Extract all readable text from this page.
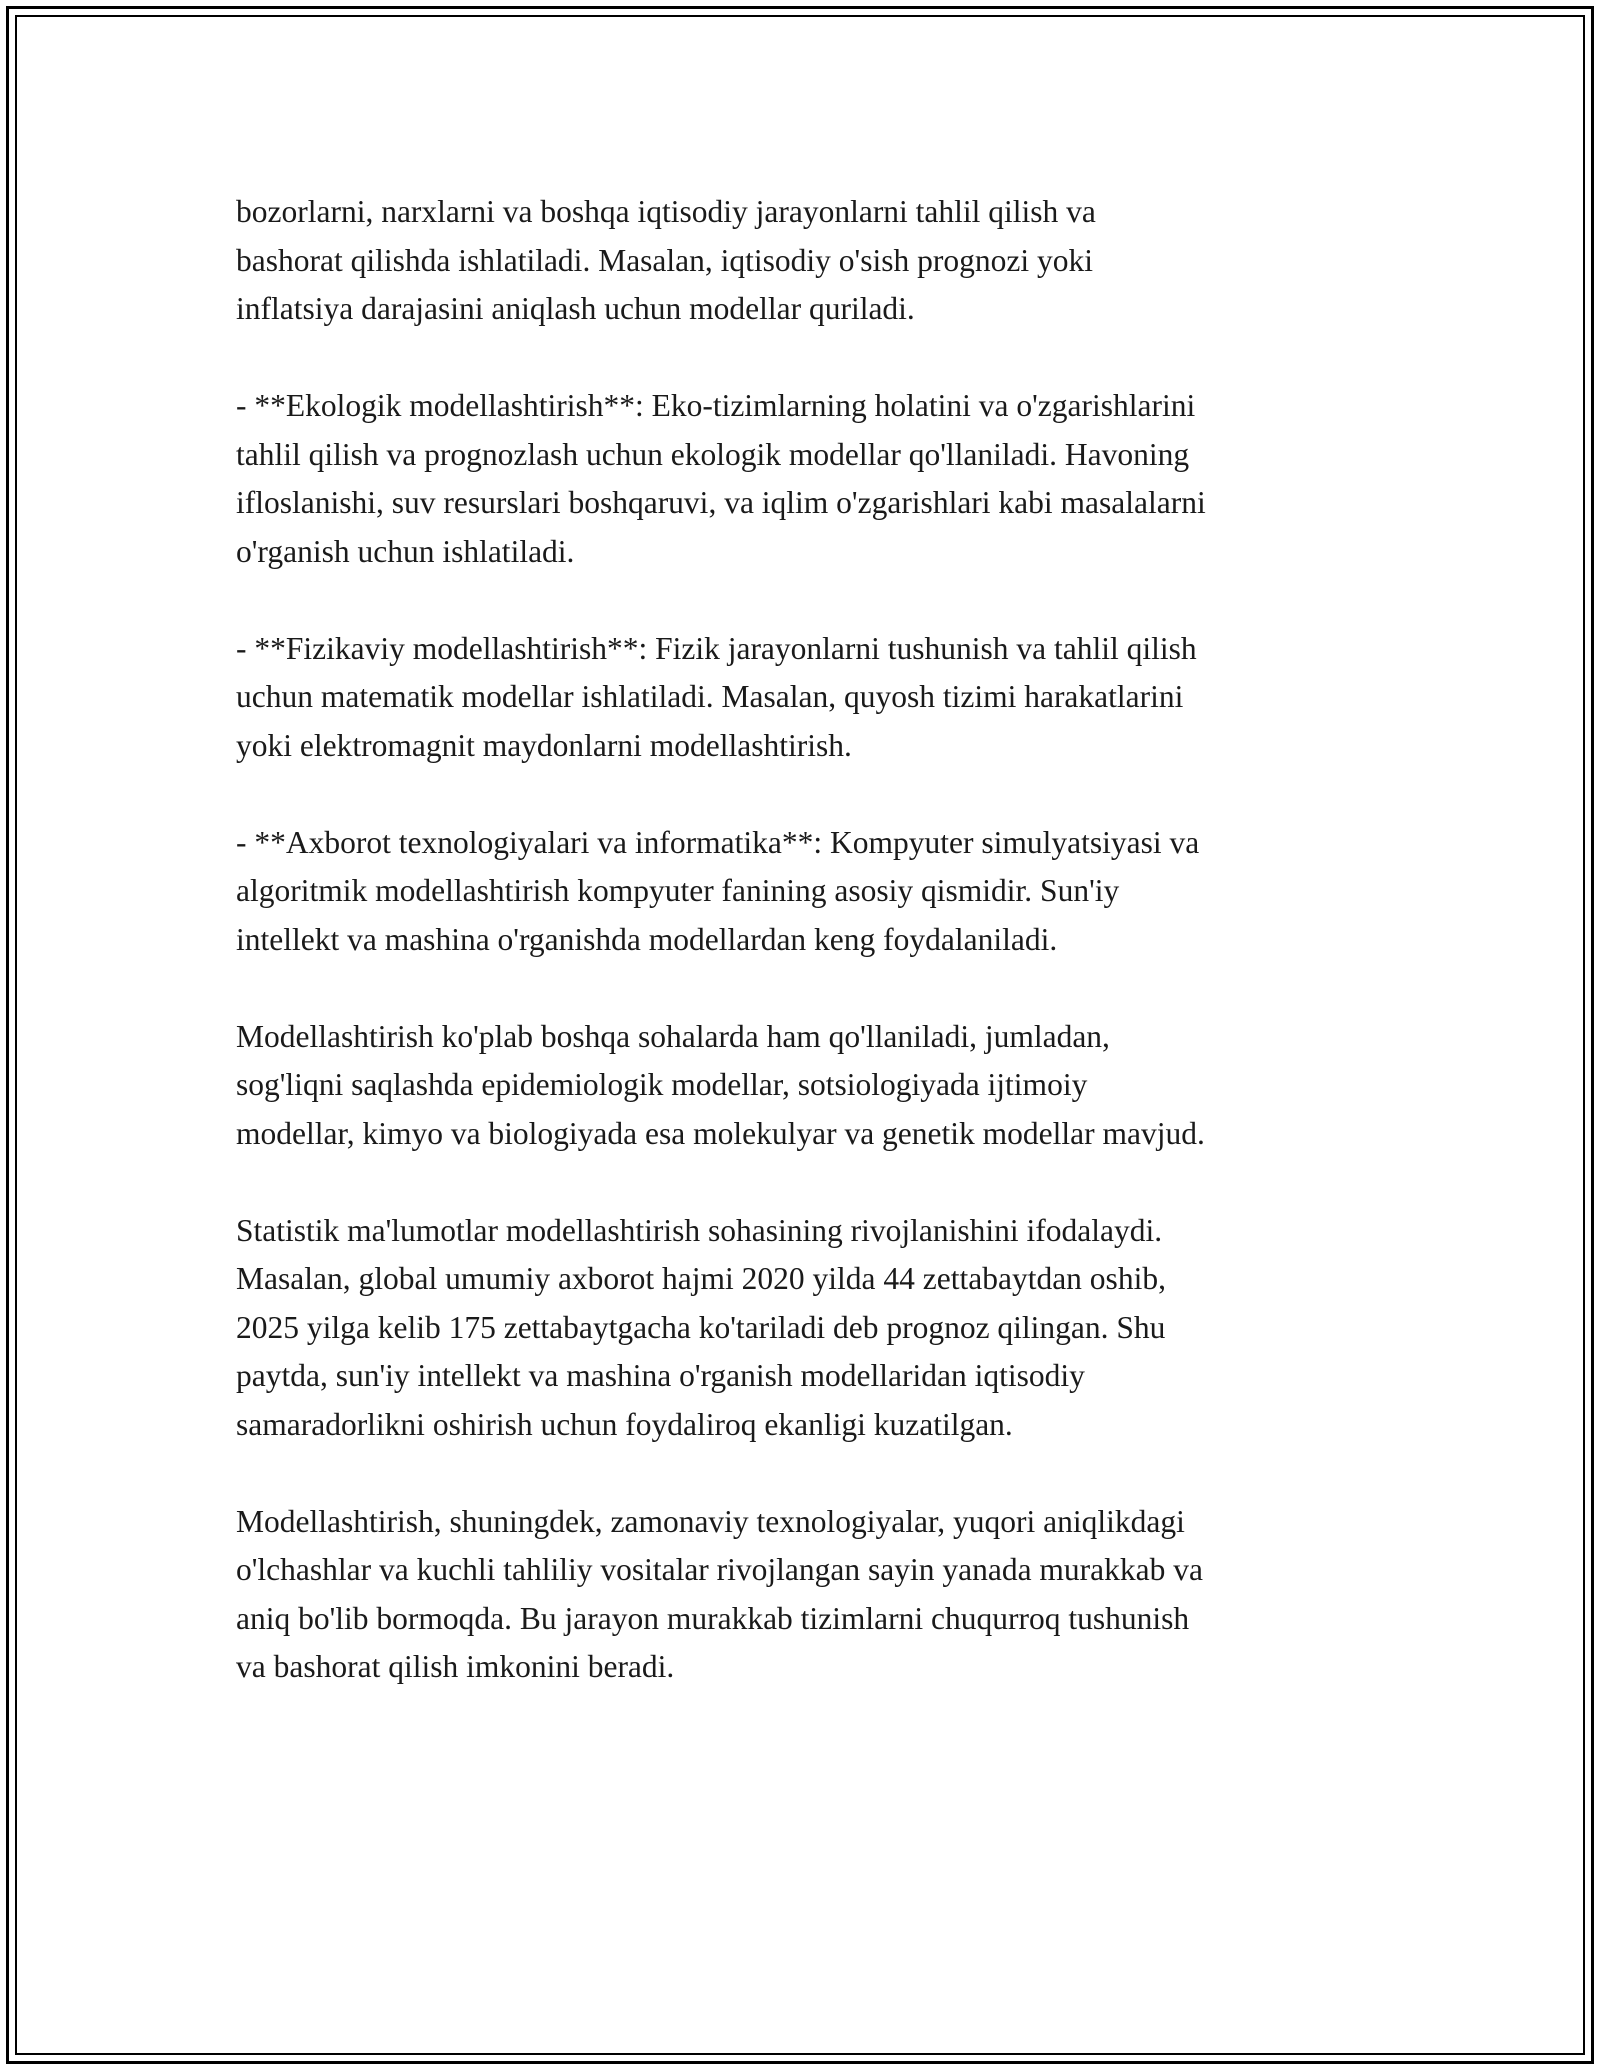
bozorlarni, narxlarni va boshqa iqtisodiy jarayonlarni tahlil qilish va
bashorat qilishda ishlatiladi. Masalan, iqtisodiy o'sish prognozi yoki
inflatsiya darajasini aniqlash uchun modellar quriladi.

- **Ekologik modellashtirish**: Eko-tizimlarning holatini va o'zgarishlarini
tahlil qilish va prognozlash uchun ekologik modellar qo'llaniladi. Havoning
ifloslanishi, suv resurslari boshqaruvi, va iqlim o'zgarishlari kabi masalalarni
o'rganish uchun ishlatiladi.

- **Fizikaviy modellashtirish**: Fizik jarayonlarni tushunish va tahlil qilish
uchun matematik modellar ishlatiladi. Masalan, quyosh tizimi harakatlarini
yoki elektromagnit maydonlarni modellashtirish.

- **Axborot texnologiyalari va informatika**: Kompyuter simulyatsiyasi va
algoritmik modellashtirish kompyuter fanining asosiy qismidir. Sun'iy
intellekt va mashina o'rganishda modellardan keng foydalaniladi.

Modellashtirish ko'plab boshqa sohalarda ham qo'llaniladi, jumladan,
sog'liqni saqlashda epidemiologik modellar, sotsiologiyada ijtimoiy
modellar, kimyo va biologiyada esa molekulyar va genetik modellar mavjud.

Statistik ma'lumotlar modellashtirish sohasining rivojlanishini ifodalaydi.
Masalan, global umumiy axborot hajmi 2020 yilda 44 zettabaytdan oshib,
2025 yilga kelib 175 zettabaytgacha ko'tariladi deb prognoz qilingan. Shu
paytda, sun'iy intellekt va mashina o'rganish modellaridan iqtisodiy
samaradorlikni oshirish uchun foydaliroq ekanligi kuzatilgan.

Modellashtirish, shuningdek, zamonaviy texnologiyalar, yuqori aniqlikdagi
o'lchashlar va kuchli tahliliy vositalar rivojlangan sayin yanada murakkab va
aniq bo'lib bormoqda. Bu jarayon murakkab tizimlarni chuqurroq tushunish
va bashorat qilish imkonini beradi.
